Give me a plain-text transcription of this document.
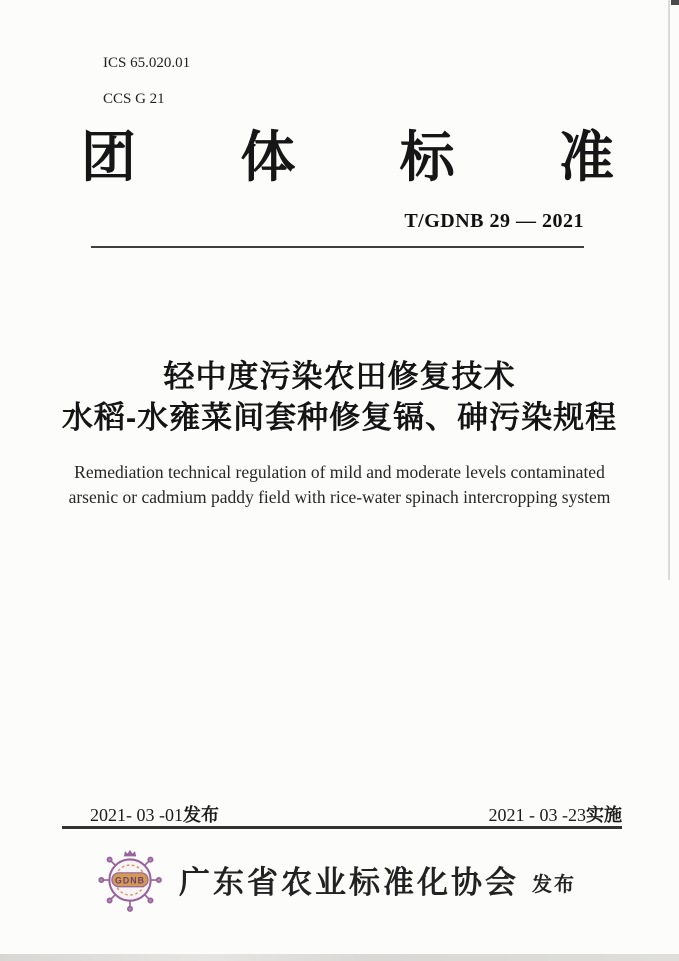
ICS 65.020.01
CCS G 21
团体标准
T/GDNB 29 — 2021
轻中度污染农田修复技术
水稻-水雍菜间套种修复镉、砷污染规程
Remediation technical regulation of mild and moderate levels contaminated arsenic or cadmium paddy field with rice-water spinach intercropping system
2021- 03 -01发布	2021 - 03 -23实施
GDNB 广东省农业标准化协会 发布
